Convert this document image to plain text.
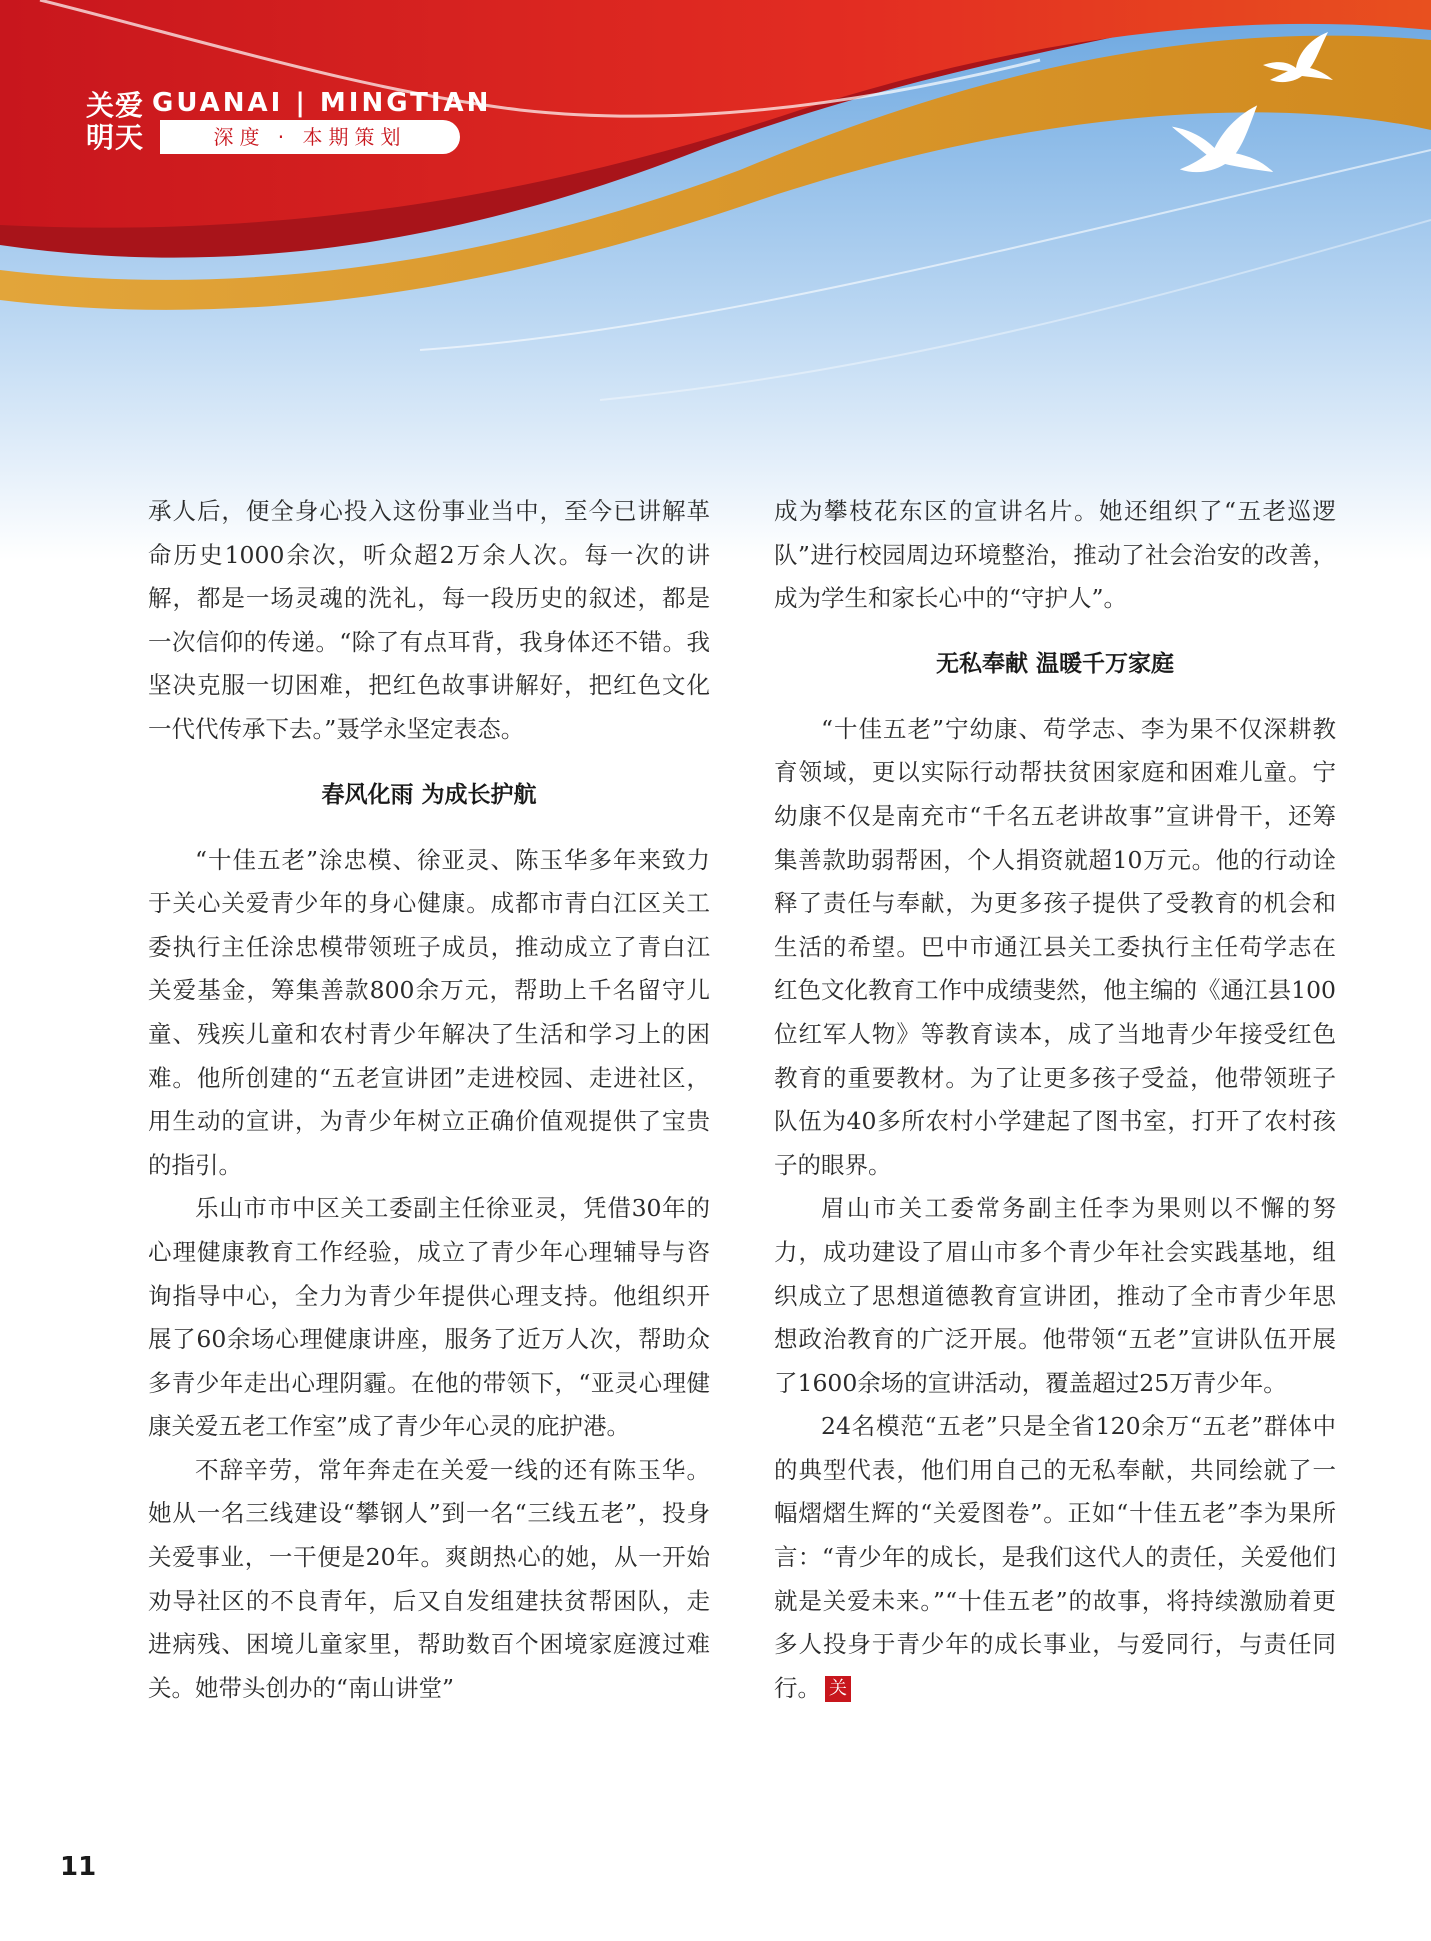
关爱
明天
GUANAI | MINGTIAN
深度 · 本期策划

承人后，便全身心投入这份事业当中，至今已讲解革命历史1000余次，听众超2万余人次。每一次的讲解，都是一场灵魂的洗礼，每一段历史的叙述，都是一次信仰的传递。“除了有点耳背，我身体还不错。我坚决克服一切困难，把红色故事讲解好，把红色文化一代代传承下去。”聂学永坚定表态。

春风化雨 为成长护航

“十佳五老”涂忠模、徐亚灵、陈玉华多年来致力于关心关爱青少年的身心健康。成都市青白江区关工委执行主任涂忠模带领班子成员，推动成立了青白江关爱基金，筹集善款800余万元，帮助上千名留守儿童、残疾儿童和农村青少年解决了生活和学习上的困难。他所创建的“五老宣讲团”走进校园、走进社区，用生动的宣讲，为青少年树立正确价值观提供了宝贵的指引。

乐山市市中区关工委副主任徐亚灵，凭借30年的心理健康教育工作经验，成立了青少年心理辅导与咨询指导中心，全力为青少年提供心理支持。他组织开展了60余场心理健康讲座，服务了近万人次，帮助众多青少年走出心理阴霾。在他的带领下，“亚灵心理健康关爱五老工作室”成了青少年心灵的庇护港。

不辞辛劳，常年奔走在关爱一线的还有陈玉华。她从一名三线建设“攀钢人”到一名“三线五老”，投身关爱事业，一干便是20年。爽朗热心的她，从一开始劝导社区的不良青年，后又自发组建扶贫帮困队，走进病残、困境儿童家里，帮助数百个困境家庭渡过难关。她带头创办的“南山讲堂”

成为攀枝花东区的宣讲名片。她还组织了“五老巡逻队”进行校园周边环境整治，推动了社会治安的改善，成为学生和家长心中的“守护人”。

无私奉献 温暖千万家庭

“十佳五老”宁幼康、苟学志、李为果不仅深耕教育领域，更以实际行动帮扶贫困家庭和困难儿童。宁幼康不仅是南充市“千名五老讲故事”宣讲骨干，还筹集善款助弱帮困，个人捐资就超10万元。他的行动诠释了责任与奉献，为更多孩子提供了受教育的机会和生活的希望。巴中市通江县关工委执行主任苟学志在红色文化教育工作中成绩斐然，他主编的《通江县100位红军人物》等教育读本，成了当地青少年接受红色教育的重要教材。为了让更多孩子受益，他带领班子队伍为40多所农村小学建起了图书室，打开了农村孩子的眼界。

眉山市关工委常务副主任李为果则以不懈的努力，成功建设了眉山市多个青少年社会实践基地，组织成立了思想道德教育宣讲团，推动了全市青少年思想政治教育的广泛开展。他带领“五老”宣讲队伍开展了1600余场的宣讲活动，覆盖超过25万青少年。

24名模范“五老”只是全省120余万“五老”群体中的典型代表，他们用自己的无私奉献，共同绘就了一幅熠熠生辉的“关爱图卷”。正如“十佳五老”李为果所言：“青少年的成长，是我们这代人的责任，关爱他们就是关爱未来。”“十佳五老”的故事，将持续激励着更多人投身于青少年的成长事业，与爱同行，与责任同行。 关

11
